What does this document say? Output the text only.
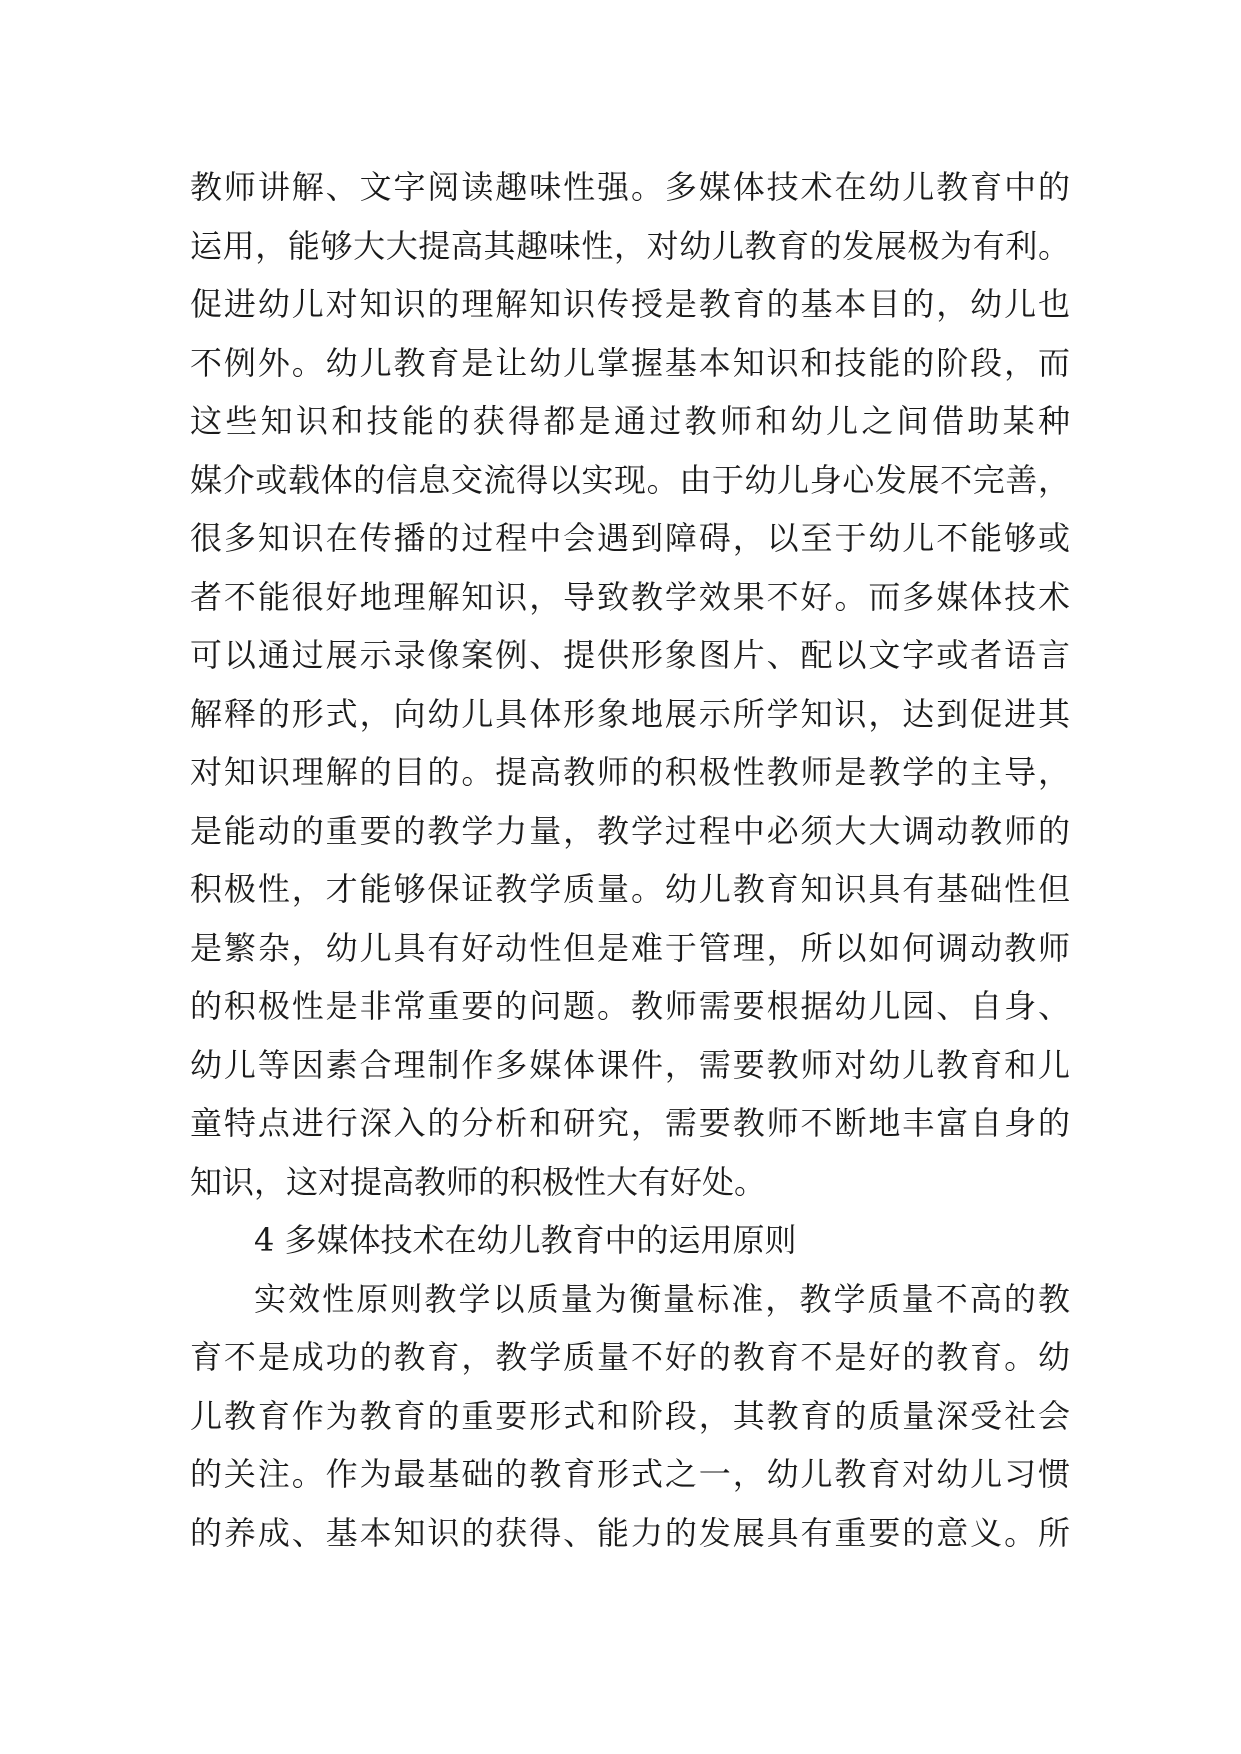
教师讲解、文字阅读趣味性强。多媒体技术在幼儿教育中的
运用，能够大大提高其趣味性，对幼儿教育的发展极为有利。
促进幼儿对知识的理解知识传授是教育的基本目的，幼儿也
不例外。幼儿教育是让幼儿掌握基本知识和技能的阶段，而
这些知识和技能的获得都是通过教师和幼儿之间借助某种
媒介或载体的信息交流得以实现。由于幼儿身心发展不完善，
很多知识在传播的过程中会遇到障碍，以至于幼儿不能够或
者不能很好地理解知识，导致教学效果不好。而多媒体技术
可以通过展示录像案例、提供形象图片、配以文字或者语言
解释的形式，向幼儿具体形象地展示所学知识，达到促进其
对知识理解的目的。提高教师的积极性教师是教学的主导，
是能动的重要的教学力量，教学过程中必须大大调动教师的
积极性，才能够保证教学质量。幼儿教育知识具有基础性但
是繁杂，幼儿具有好动性但是难于管理，所以如何调动教师
的积极性是非常重要的问题。教师需要根据幼儿园、自身、
幼儿等因素合理制作多媒体课件，需要教师对幼儿教育和儿
童特点进行深入的分析和研究，需要教师不断地丰富自身的
知识，这对提高教师的积极性大有好处。
4 多媒体技术在幼儿教育中的运用原则
实效性原则教学以质量为衡量标准，教学质量不高的教
育不是成功的教育，教学质量不好的教育不是好的教育。幼
儿教育作为教育的重要形式和阶段，其教育的质量深受社会
的关注。作为最基础的教育形式之一，幼儿教育对幼儿习惯
的养成、基本知识的获得、能力的发展具有重要的意义。所
